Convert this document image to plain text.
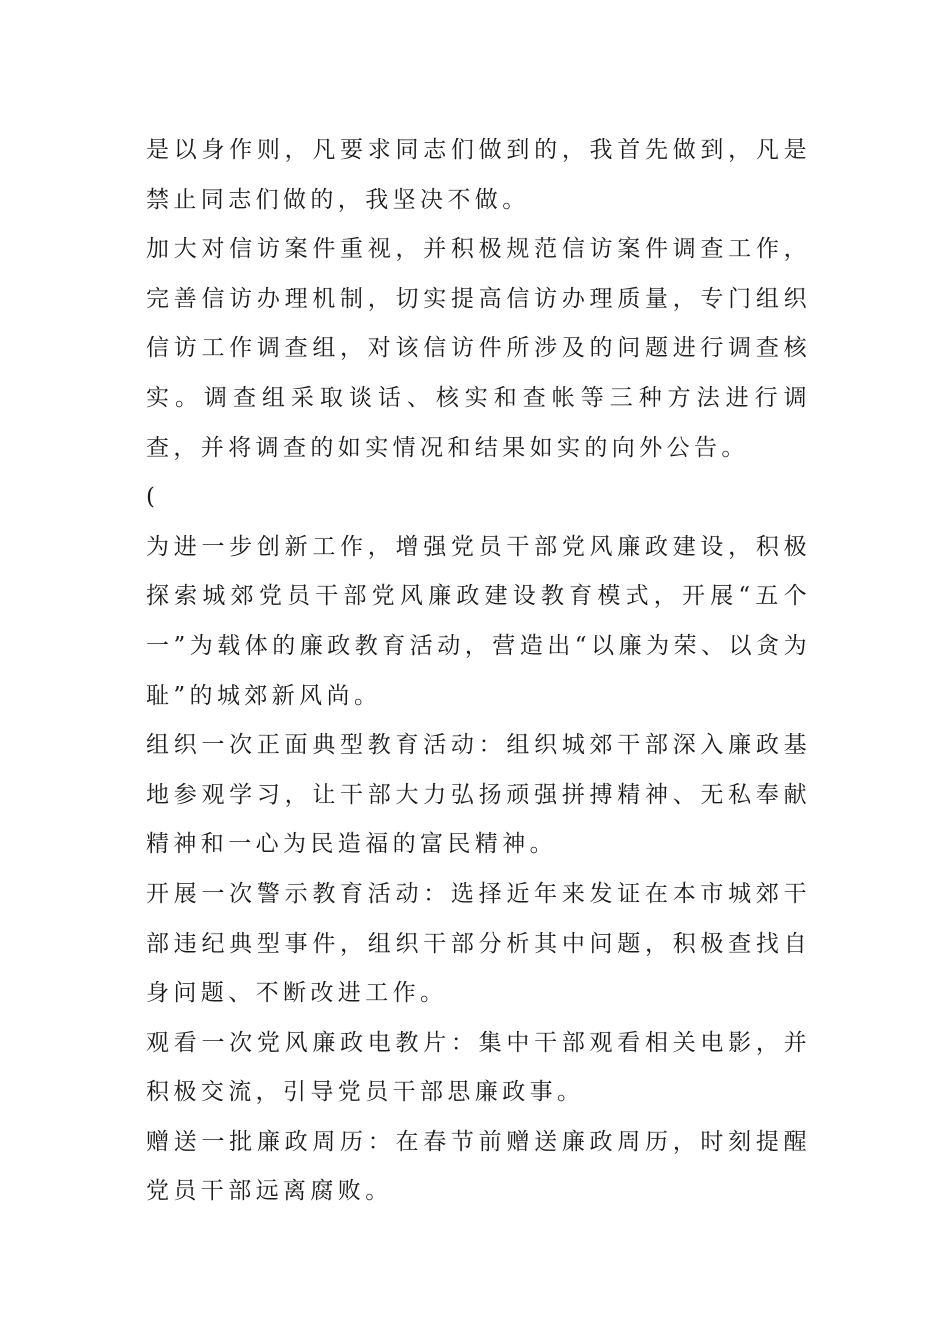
是以身作则，凡要求同志们做到的，我首先做到，凡是禁止同志们做的，我坚决不做。

加大对信访案件重视，并积极规范信访案件调查工作，完善信访办理机制，切实提高信访办理质量，专门组织信访工作调查组，对该信访件所涉及的问题进行调查核实。调查组采取谈话、核实和查帐等三种方法进行调查，并将调查的如实情况和结果如实的向外公告。

(

为进一步创新工作，增强党员干部党风廉政建设，积极探索城郊党员干部党风廉政建设教育模式，开展“五个一”为载体的廉政教育活动，营造出“以廉为荣、以贪为耻”的城郊新风尚。

组织一次正面典型教育活动：组织城郊干部深入廉政基地参观学习，让干部大力弘扬顽强拼搏精神、无私奉献精神和一心为民造福的富民精神。

开展一次警示教育活动：选择近年来发证在本市城郊干部违纪典型事件，组织干部分析其中问题，积极查找自身问题、不断改进工作。

观看一次党风廉政电教片：集中干部观看相关电影，并积极交流，引导党员干部思廉政事。

赠送一批廉政周历：在春节前赠送廉政周历，时刻提醒党员干部远离腐败。
